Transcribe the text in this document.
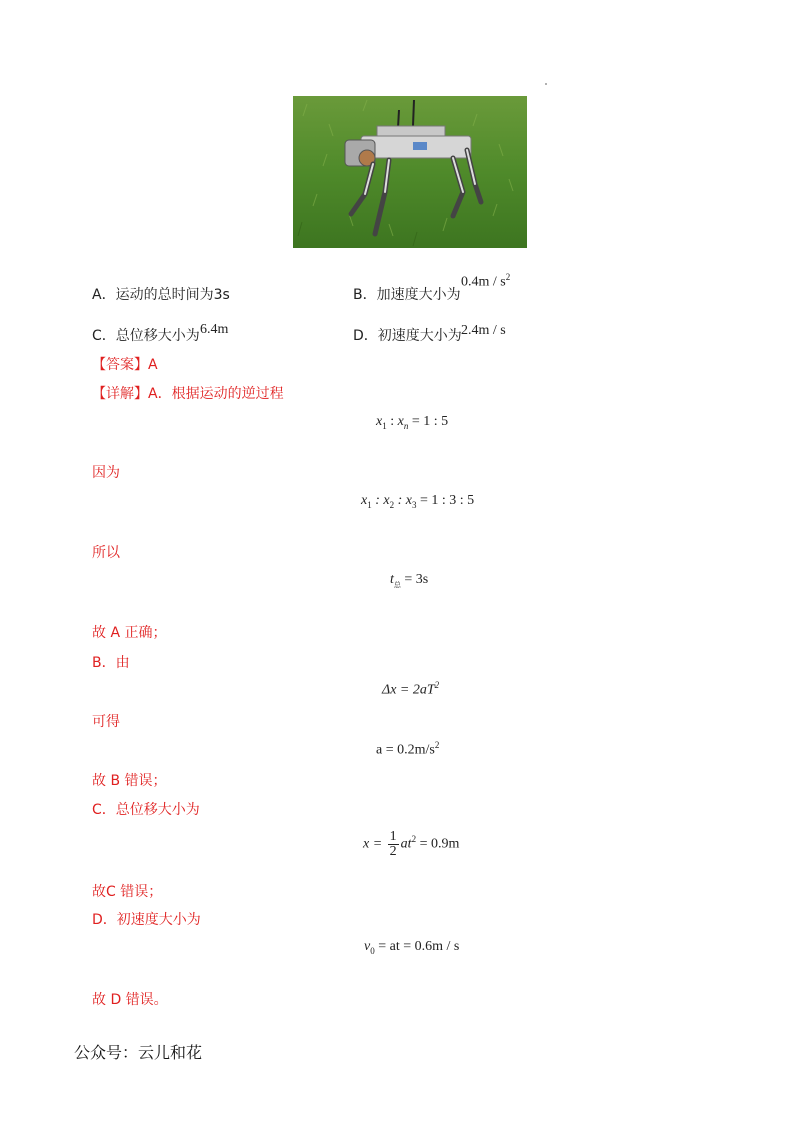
A．运动的总时间为3s	B．加速度大小为
$0.4m / s^2$
C．总位移大小为 6.4m	D．初速度大小为 2.4m / s
【答案】A
【详解】A．根据运动的逆过程
$x_1$ : $x_n = 1$ : 5
因为
$x_1$ : $x_2$ : $x_3 = 1$ : 3 : 5
所以
$t_总 = 3s$
故 A 正确；
B．由
$\Delta x = 2aT^2$
可得
$a = 0.2m/s^2$
故 B 错误；
C．总位移大小为
$x = \frac{1}{2} at^2 = 0.9m$
故C 错误；
D．初速度大小为
$v_0$ = at = 0.6m / s
故 D 错误。
公众号：云儿和花
